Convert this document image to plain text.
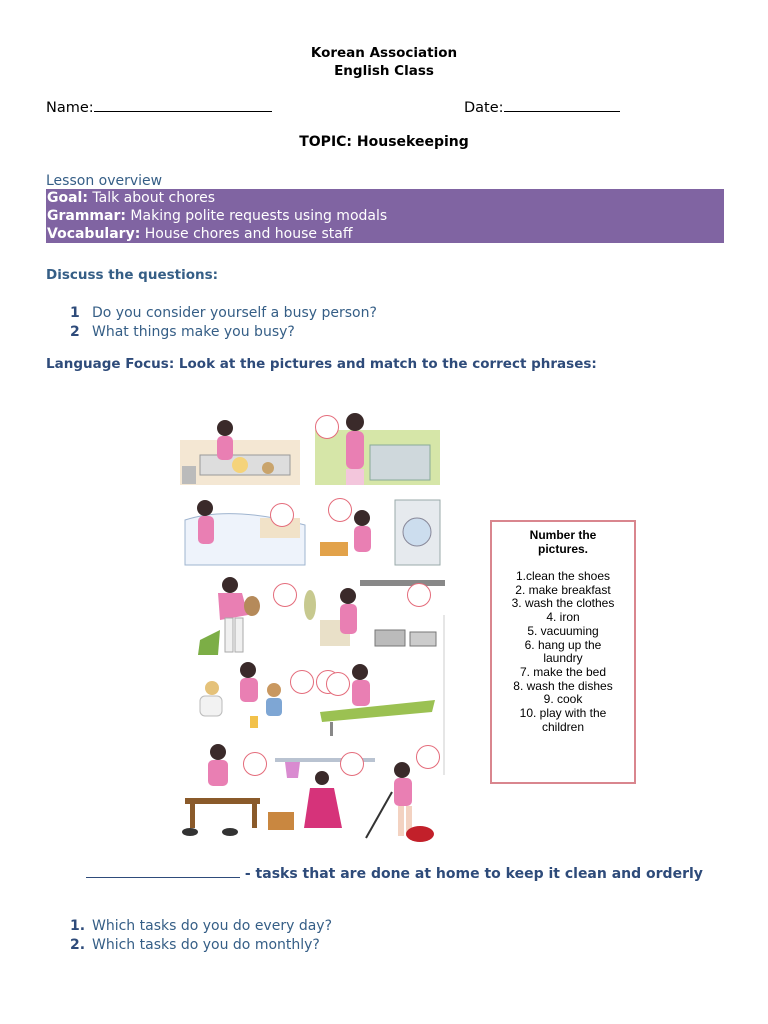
Korean Association
English Class
Name:	Date:
TOPIC: Housekeeping
Lesson overview
Goal: Talk about chores
Grammar: Making polite requests using modals
Vocabulary: House chores and house staff
Discuss the questions:
1 Do you consider yourself a busy person?
2 What things make you busy?
Language Focus: Look at the pictures and match to the correct phrases:
Number the
pictures.
1.clean the shoes
2. make breakfast
3. wash the clothes
4. iron
5. vacuuming
6. hang up the
laundry
7. make the bed
8. wash the dishes
9. cook
10. play with the
children
- tasks that are done at home to keep it clean and orderly
1. Which tasks do you do every day?
2. Which tasks do you do monthly?
